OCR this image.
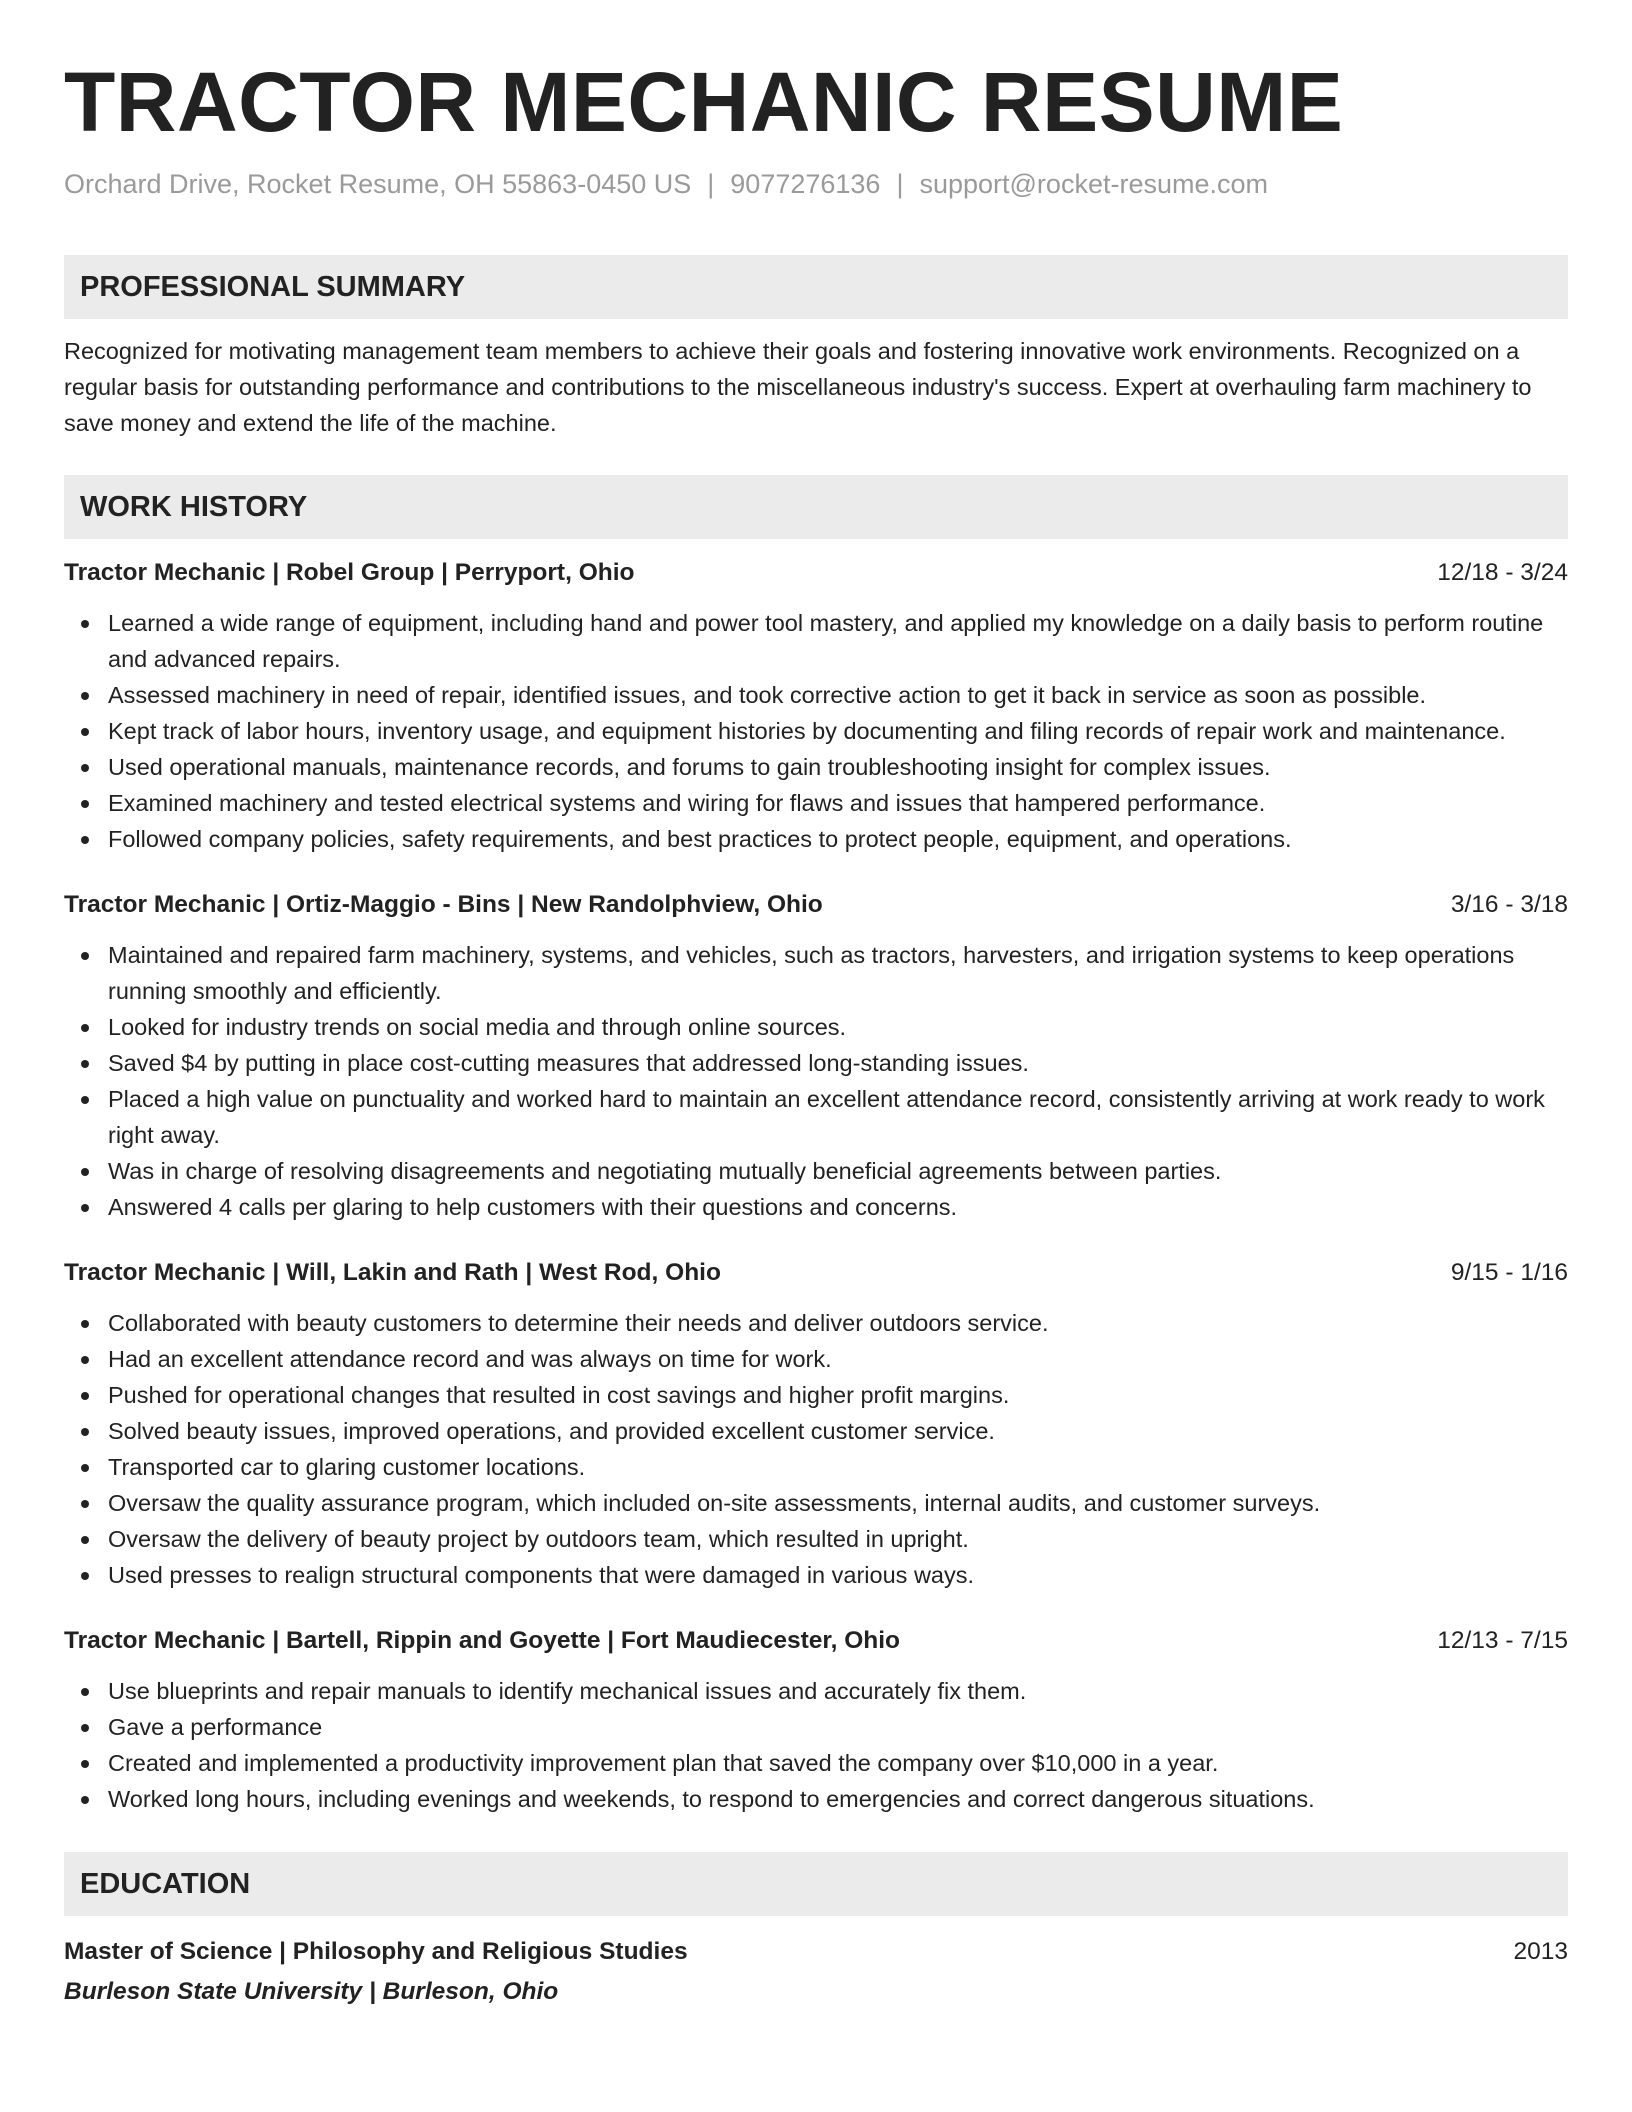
TRACTOR MECHANIC RESUME
Orchard Drive, Rocket Resume, OH 55863-0450 US | 9077276136 | support@rocket-resume.com
PROFESSIONAL SUMMARY
Recognized for motivating management team members to achieve their goals and fostering innovative work environments. Recognized on a regular basis for outstanding performance and contributions to the miscellaneous industry's success. Expert at overhauling farm machinery to save money and extend the life of the machine.
WORK HISTORY
Tractor Mechanic | Robel Group | Perryport, Ohio	12/18 - 3/24
Learned a wide range of equipment, including hand and power tool mastery, and applied my knowledge on a daily basis to perform routine and advanced repairs.
Assessed machinery in need of repair, identified issues, and took corrective action to get it back in service as soon as possible.
Kept track of labor hours, inventory usage, and equipment histories by documenting and filing records of repair work and maintenance.
Used operational manuals, maintenance records, and forums to gain troubleshooting insight for complex issues.
Examined machinery and tested electrical systems and wiring for flaws and issues that hampered performance.
Followed company policies, safety requirements, and best practices to protect people, equipment, and operations.
Tractor Mechanic | Ortiz-Maggio - Bins | New Randolphview, Ohio	3/16 - 3/18
Maintained and repaired farm machinery, systems, and vehicles, such as tractors, harvesters, and irrigation systems to keep operations running smoothly and efficiently.
Looked for industry trends on social media and through online sources.
Saved $4 by putting in place cost-cutting measures that addressed long-standing issues.
Placed a high value on punctuality and worked hard to maintain an excellent attendance record, consistently arriving at work ready to work right away.
Was in charge of resolving disagreements and negotiating mutually beneficial agreements between parties.
Answered 4 calls per glaring to help customers with their questions and concerns.
Tractor Mechanic | Will, Lakin and Rath | West Rod, Ohio	9/15 - 1/16
Collaborated with beauty customers to determine their needs and deliver outdoors service.
Had an excellent attendance record and was always on time for work.
Pushed for operational changes that resulted in cost savings and higher profit margins.
Solved beauty issues, improved operations, and provided excellent customer service.
Transported car to glaring customer locations.
Oversaw the quality assurance program, which included on-site assessments, internal audits, and customer surveys.
Oversaw the delivery of beauty project by outdoors team, which resulted in upright.
Used presses to realign structural components that were damaged in various ways.
Tractor Mechanic | Bartell, Rippin and Goyette | Fort Maudiecester, Ohio	12/13 - 7/15
Use blueprints and repair manuals to identify mechanical issues and accurately fix them.
Gave a performance
Created and implemented a productivity improvement plan that saved the company over $10,000 in a year.
Worked long hours, including evenings and weekends, to respond to emergencies and correct dangerous situations.
EDUCATION
Master of Science | Philosophy and Religious Studies	2013
Burleson State University | Burleson, Ohio
